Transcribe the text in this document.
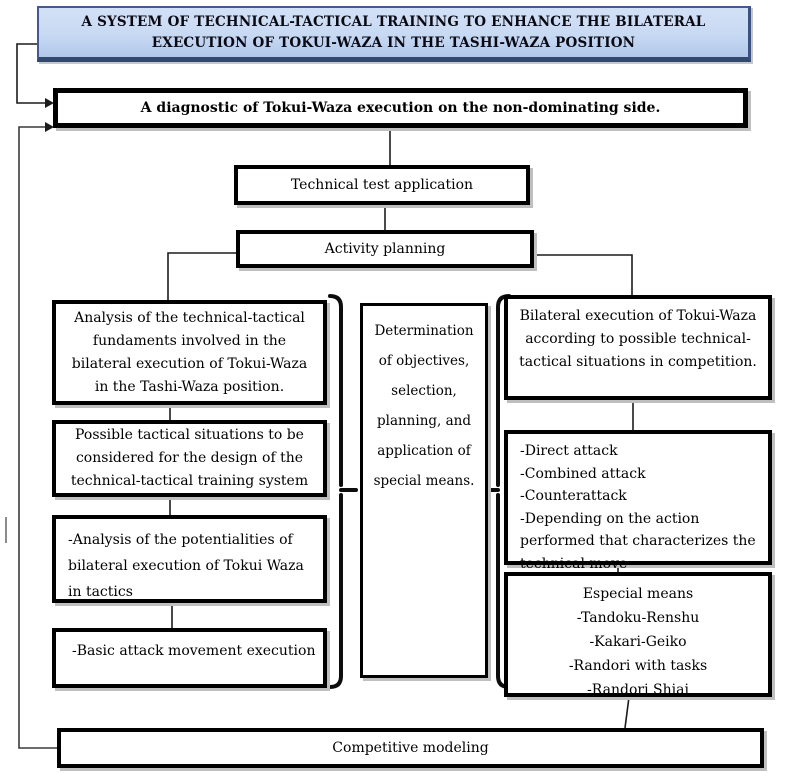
A SYSTEM OF TECHNICAL-TACTICAL TRAINING TO ENHANCE THE BILATERAL EXECUTION OF TOKUI-WAZA IN THE TASHI-WAZA POSITION
A diagnostic of Tokui-Waza execution on the non-dominating side.
Technical test application
Activity planning
Analysis of the technical-tactical fundaments involved in the bilateral execution of Tokui-Waza in the Tashi-Waza position.
Possible tactical situations to be considered for the design of the technical-tactical training system
-Analysis of the potentialities of bilateral execution of Tokui Waza in tactics
-Basic attack movement execution
Determination
of objectives,
selection,
planning, and
application of
special means.
Bilateral execution of Tokui-Waza according to possible technical-tactical situations in competition.
-Direct attack
-Combined attack
-Counterattack
-Depending on the action performed that characterizes the technical move
Especial means
-Tandoku-Renshu
-Kakari-Geiko
-Randori with tasks
-Randori Shiai
Competitive modeling
